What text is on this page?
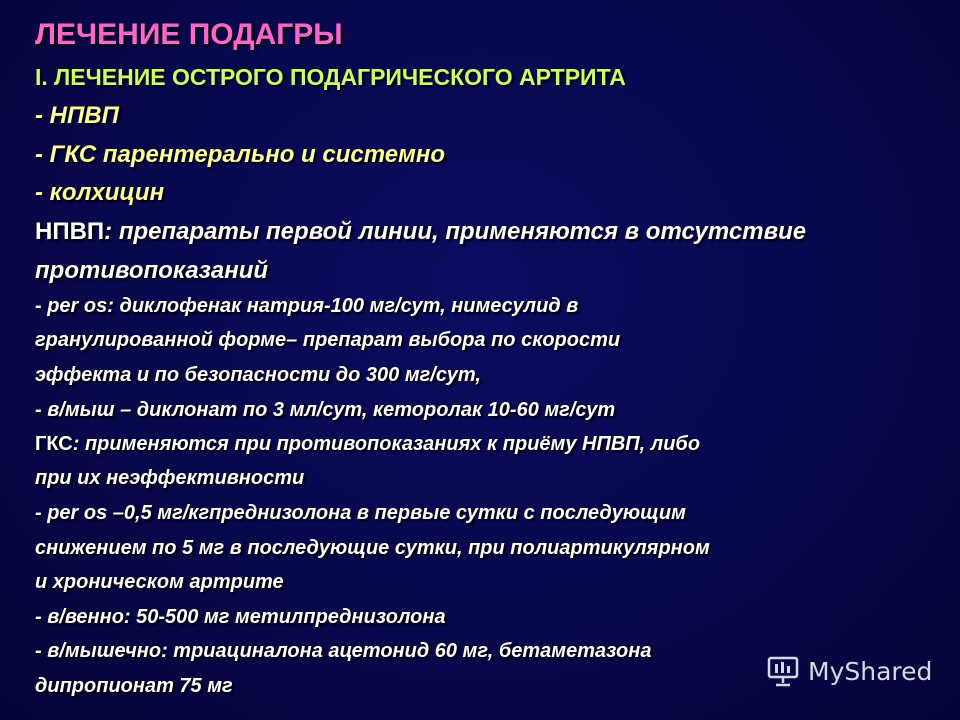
ЛЕЧЕНИЕ ПОДАГРЫ
I. ЛЕЧЕНИЕ ОСТРОГО ПОДАГРИЧЕСКОГО АРТРИТА
- НПВП
- ГКС парентерально и системно
- колхицин
НПВП: препараты первой линии, применяются в отсутствие
противопоказаний
- per os: диклофенак натрия-100 мг/сут, нимесулид в
гранулированной форме– препарат выбора по скорости
эффекта и по безопасности до 300 мг/сут,
- в/мыш – диклонат по 3 мл/сут, кеторолак 10-60 мг/сут
ГКС: применяются при противопоказаниях к приёму НПВП, либо
при их неэффективности
- per os –0,5 мг/кгпреднизолона в первые сутки с последующим
снижением по 5 мг в последующие сутки, при полиартикулярном
и хроническом артрите
- в/венно: 50-500 мг метилпреднизолона
- в/мышечно: триациналона ацетонид 60 мг, бетаметазона
дипропионат 75 мг
MyShared
